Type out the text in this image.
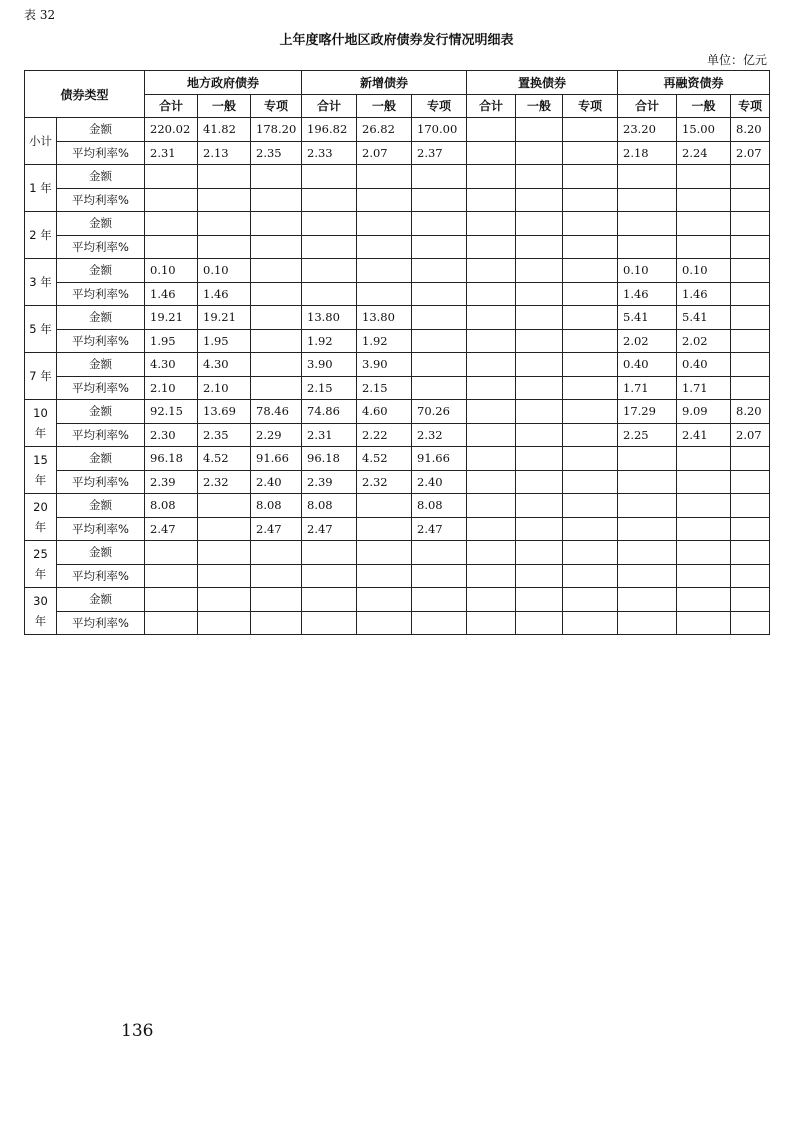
表 32
上年度喀什地区政府债券发行情况明细表
单位：亿元
债券类型		地方政府债券			新增债券			置换债券			再融资债券		
		合计	一般	专项	合计	一般	专项	合计	一般	专项	合计	一般	专项
小计	金额	220.02	41.82	178.20	196.82	26.82	170.00				23.20	15.00	8.20
	平均利率%	2.31	2.13	2.35	2.33	2.07	2.37				2.18	2.24	2.07
1 年	金额												
	平均利率%												
2 年	金额												
	平均利率%												
3 年	金额	0.10	0.10								0.10	0.10	
	平均利率%	1.46	1.46								1.46	1.46	
5 年	金额	19.21	19.21		13.80	13.80					5.41	5.41	
	平均利率%	1.95	1.95		1.92	1.92					2.02	2.02	
7 年	金额	4.30	4.30		3.90	3.90					0.40	0.40	
	平均利率%	2.10	2.10		2.15	2.15					1.71	1.71	
10 年	金额	92.15	13.69	78.46	74.86	4.60	70.26				17.29	9.09	8.20
	平均利率%	2.30	2.35	2.29	2.31	2.22	2.32				2.25	2.41	2.07
15 年	金额	96.18	4.52	91.66	96.18	4.52	91.66						
	平均利率%	2.39	2.32	2.40	2.39	2.32	2.40						
20 年	金额	8.08		8.08	8.08		8.08						
	平均利率%	2.47		2.47	2.47		2.47						
25 年	金额												
	平均利率%												
30 年	金额												
	平均利率%												
136
